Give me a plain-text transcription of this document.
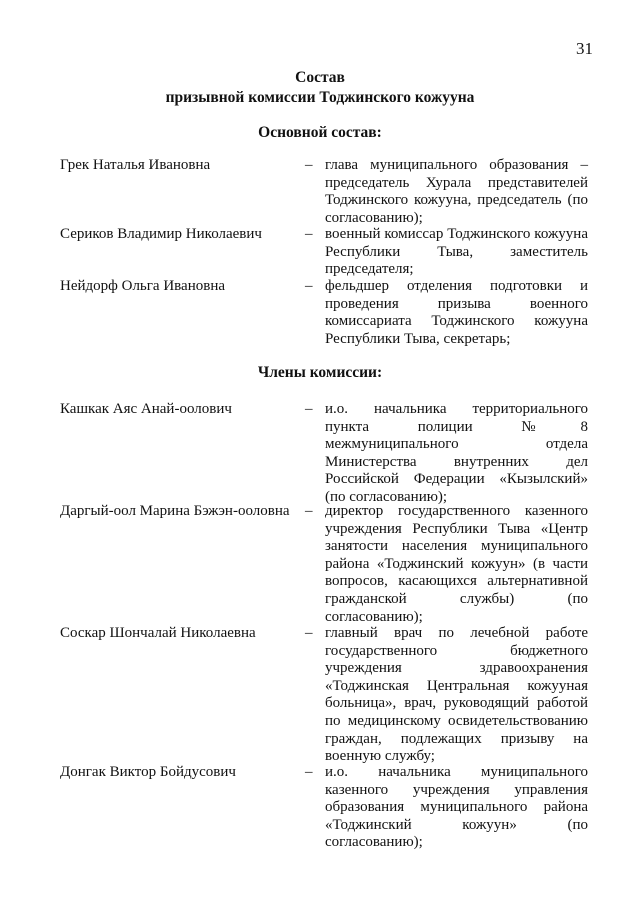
31
Состав
призывной комиссии Тоджинского кожууна
Основной состав:
Грек Наталья Ивановна	– глава муниципального образования – председатель Хурала представителей Тоджинского кожууна, председатель (по согласованию);
Сериков Владимир Николаевич	– военный комиссар Тоджинского кожууна Республики Тыва, заместитель председателя;
Нейдорф Ольга Ивановна	– фельдшер отделения подготовки и проведения призыва военного комиссариата Тоджинского кожууна Республики Тыва, секретарь;
Члены комиссии:
Кашкак Аяс Анай-оолович	– и.о. начальника территориального пункта полиции №8 межмуниципального отдела Министерства внутренних дел Российской Федерации «Кызылский» (по согласованию);
Даргый-оол Марина Бэжэн-ооловна – директор государственного казенного учреждения Республики Тыва «Центр занятости населения муниципального района «Тоджинский кожуун» (в части вопросов, касающихся альтернативной гражданской службы) (по согласованию);
Соскар Шончалай Николаевна	– главный врач по лечебной работе государственного бюджетного учреждения здравоохранения «Тоджинская Центральная кожууная больница», врач, руководящий работой по медицинскому освидетельствованию граждан, подлежащих призыву на военную службу;
Донгак Виктор Бойдусович	– и.о. начальника муниципального казенного учреждения управления образования муниципального района «Тоджинский кожуун» (по согласованию);
